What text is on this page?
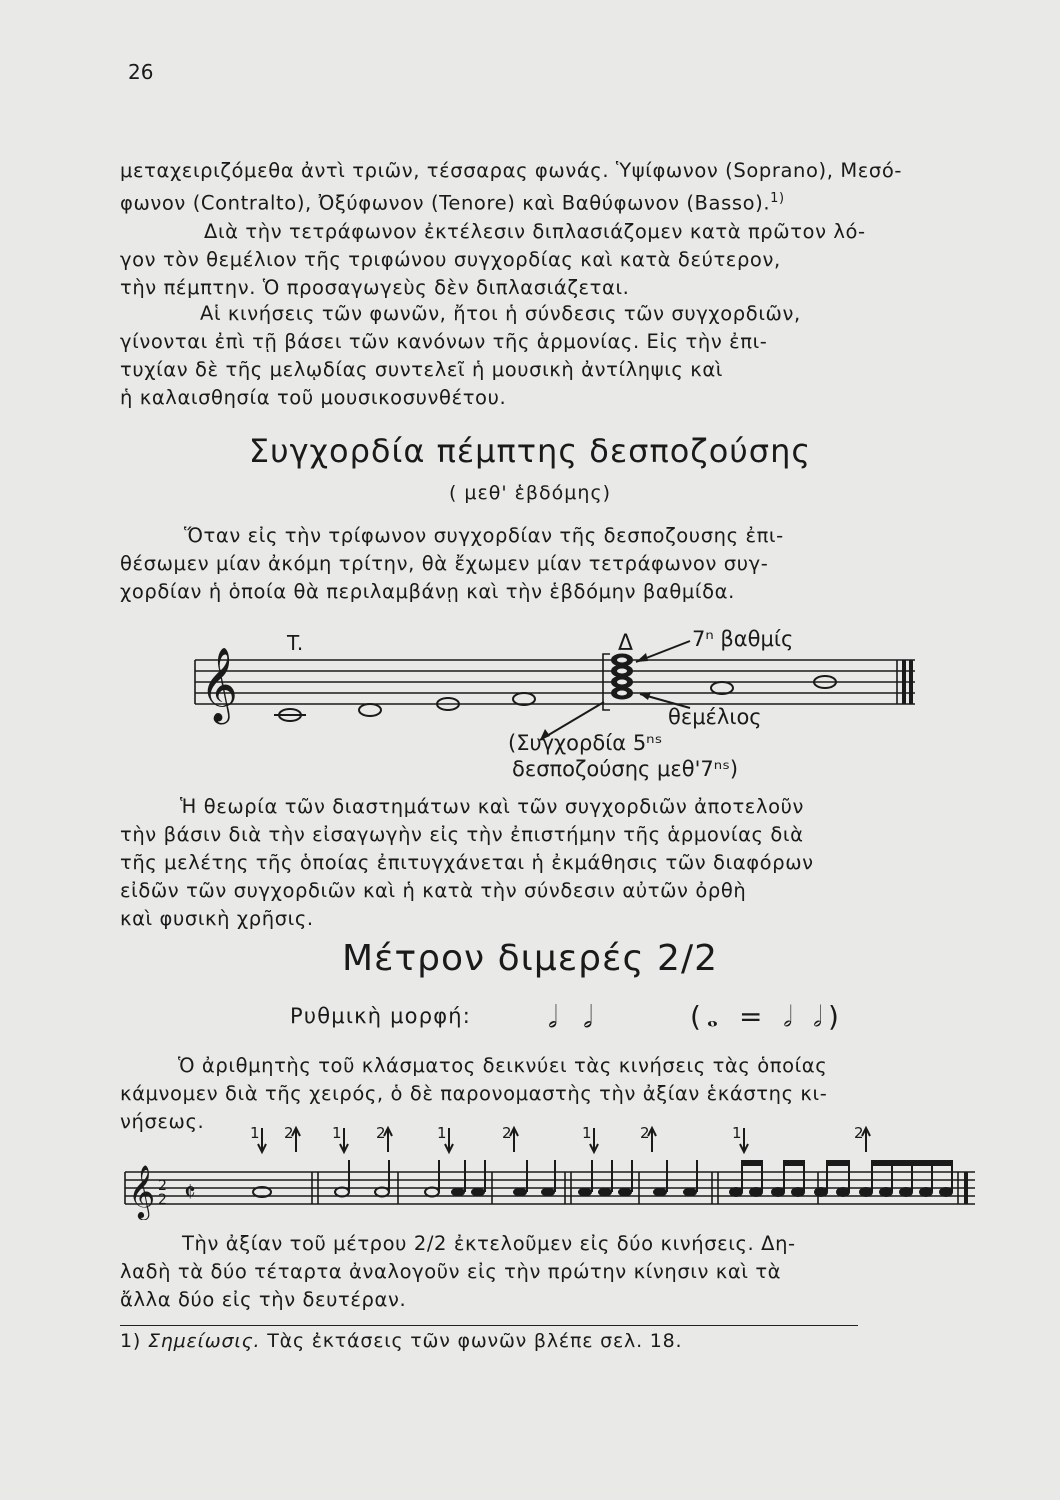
26
μεταχειριζόμεθα ἀντὶ τριῶν, τέσσαρας φωνάς. Ὑψίφωνον (Soprano), Μεσό-
φωνον (Contralto), Ὀξύφωνον (Tenore) καὶ Βαθύφωνον (Basso).$^{1)}$
Διὰ τὴν τετράφωνον ἐκτέλεσιν διπλασιάζομεν κατὰ πρῶτον λό-
γον τὸν θεμέλιον τῆς τριφώνου συγχορδίας καὶ κατὰ δεύτερον,
τὴν πέμπτην. Ὁ προσαγωγεὺς δὲν διπλασιάζεται.
Αἱ κινήσεις τῶν φωνῶν, ἤτοι ἡ σύνδεσις τῶν συγχορδιῶν,
γίνονται ἐπὶ τῇ βάσει τῶν κανόνων τῆς ἁρμονίας. Εἰς τὴν ἐπι-
τυχίαν δὲ τῆς μελῳδίας συντελεῖ ἡ μουσικὴ ἀντίληψις καὶ
ἡ καλαισθησία τοῦ μουσικοσυνθέτου.
Συγχορδία πέμπτης δεσποζούσης
( μεθ' ἑβδόμης)
Ὅταν εἰς τὴν τρίφωνον συγχορδίαν τῆς δεσποζουσης ἐπι-
θέσωμεν μίαν ἀκόμη τρίτην, θὰ ἔχωμεν μίαν τετράφωνον συγ-
χορδίαν ἡ ὁποία θὰ περιλαμβάνῃ καὶ τὴν ἑβδόμην βαθμίδα.
𝄞
T.	Δ	7ⁿ βαθμίς
θεμέλιος
(Συγχορδία 5ⁿˢ
δεσποζούσης μεθ'7ⁿˢ)
Ἡ θεωρία τῶν διαστημάτων καὶ τῶν συγχορδιῶν ἀποτελοῦν
τὴν βάσιν διὰ τὴν εἰσαγωγὴν εἰς τὴν ἐπιστήμην τῆς ἁρμονίας διὰ
τῆς μελέτης τῆς ὁποίας ἐπιτυγχάνεται ἡ ἐκμάθησις τῶν διαφόρων
εἰδῶν τῶν συγχορδιῶν καὶ ἡ κατὰ τὴν σύνδεσιν αὐτῶν ὀρθὴ
καὶ φυσικὴ χρῆσις.
Μέτρον διμερές 2/2
Ρυθμικὴ μορφή:	𝅗𝅥 𝅗𝅥	(𝅝 = 𝅗𝅥 𝅗𝅥)
Ὁ ἀριθμητὴς τοῦ κλάσματος δεικνύει τὰς κινήσεις τὰς ὁποίας
κάμνομεν διὰ τῆς χειρός, ὁ δὲ παρονομαστὴς τὴν ἀξίαν ἑκάστης κι-
νήσεως.	1 2	1 2	1	2	1	2	1	2
𝄞 2
2 𝄵
Τὴν ἀξίαν τοῦ μέτρου 2/2 ἐκτελοῦμεν εἰς δύο κινήσεις. Δη-
λαδὴ τὰ δύο τέταρτα ἀναλογοῦν εἰς τὴν πρώτην κίνησιν καὶ τὰ
ἄλλα δύο εἰς τὴν δευτέραν.
1) Σημείωσις. Τὰς ἐκτάσεις τῶν φωνῶν βλέπε σελ. 18.
